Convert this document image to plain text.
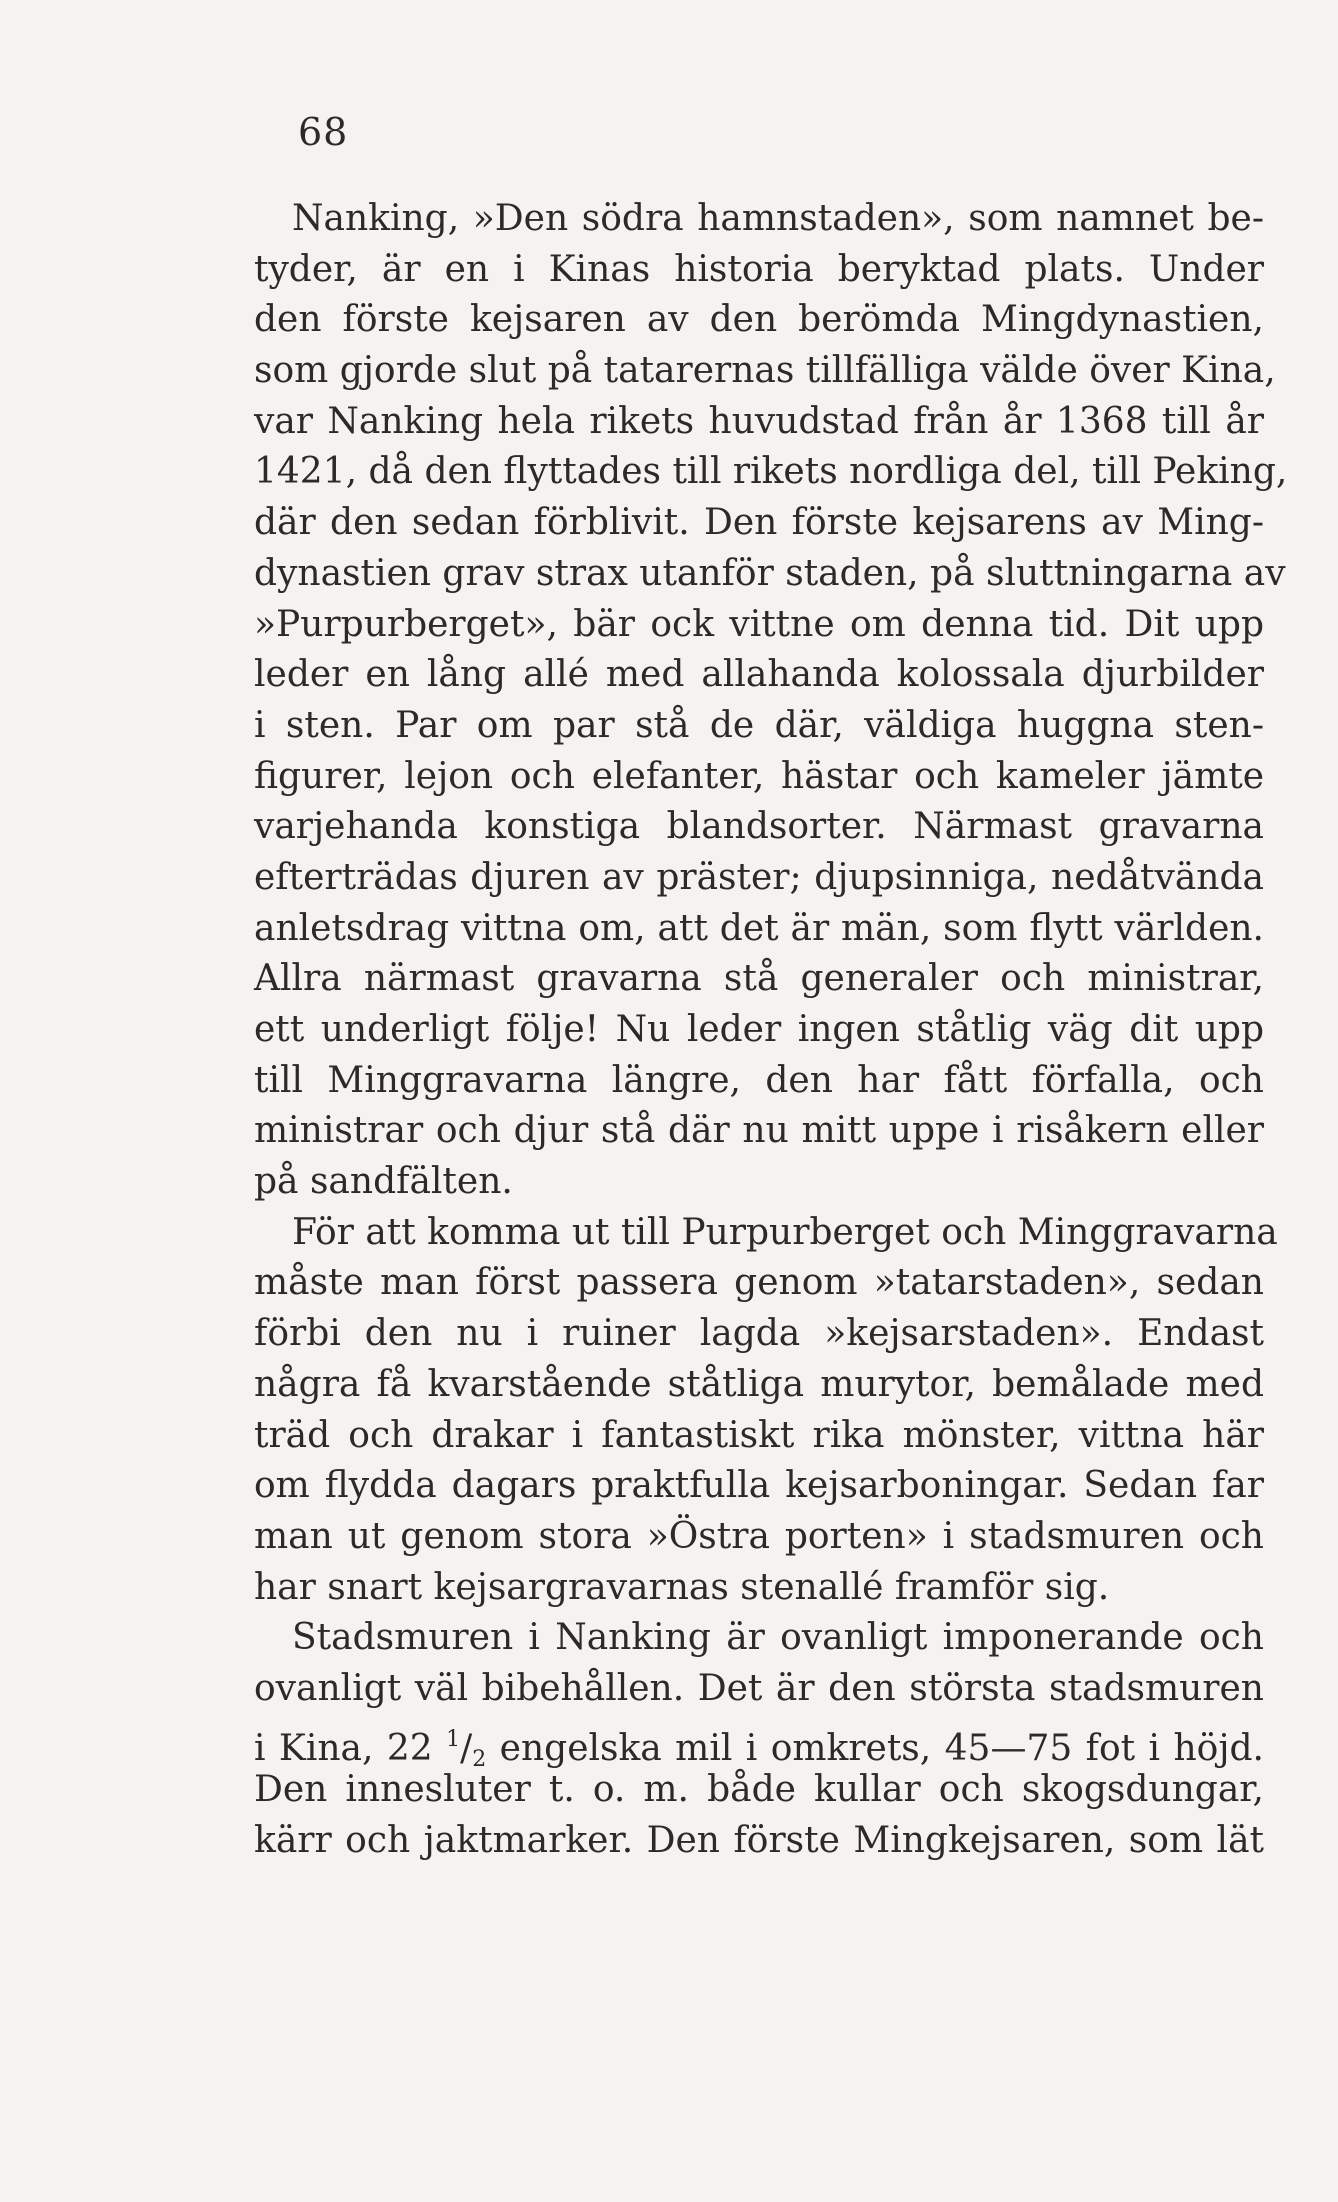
68
Nanking, »Den södra hamnstaden», som namnet be-
tyder, är en i Kinas historia beryktad plats. Under
den förste kejsaren av den berömda Mingdynastien,
som gjorde slut på tatarernas tillfälliga välde över Kina,
var Nanking hela rikets huvudstad från år 1368 till år
1421, då den flyttades till rikets nordliga del, till Peking,
där den sedan förblivit. Den förste kejsarens av Ming-
dynastien grav strax utanför staden, på sluttningarna av
»Purpurberget», bär ock vittne om denna tid. Dit upp
leder en lång allé med allahanda kolossala djurbilder
i sten. Par om par stå de där, väldiga huggna sten-
figurer, lejon och elefanter, hästar och kameler jämte
varjehanda konstiga blandsorter. Närmast gravarna
efterträdas djuren av präster; djupsinniga, nedåtvända
anletsdrag vittna om, att det är män, som flytt världen.
Allra närmast gravarna stå generaler och ministrar,
ett underligt följe! Nu leder ingen ståtlig väg dit upp
till Minggravarna längre, den har fått förfalla, och
ministrar och djur stå där nu mitt uppe i risåkern eller
på sandfälten.
För att komma ut till Purpurberget och Minggravarna
måste man först passera genom »tatarstaden», sedan
förbi den nu i ruiner lagda »kejsarstaden». Endast
några få kvarstående ståtliga murytor, bemålade med
träd och drakar i fantastiskt rika mönster, vittna här
om flydda dagars praktfulla kejsarboningar. Sedan far
man ut genom stora »Östra porten» i stadsmuren och
har snart kejsargravarnas stenallé framför sig.
Stadsmuren i Nanking är ovanligt imponerande och
ovanligt väl bibehållen. Det är den största stadsmuren
i Kina, 22 $^1/_2$ engelska mil i omkrets, 45—75 fot i höjd.
Den innesluter t. o. m. både kullar och skogsdungar,
kärr och jaktmarker. Den förste Mingkejsaren, som lät
